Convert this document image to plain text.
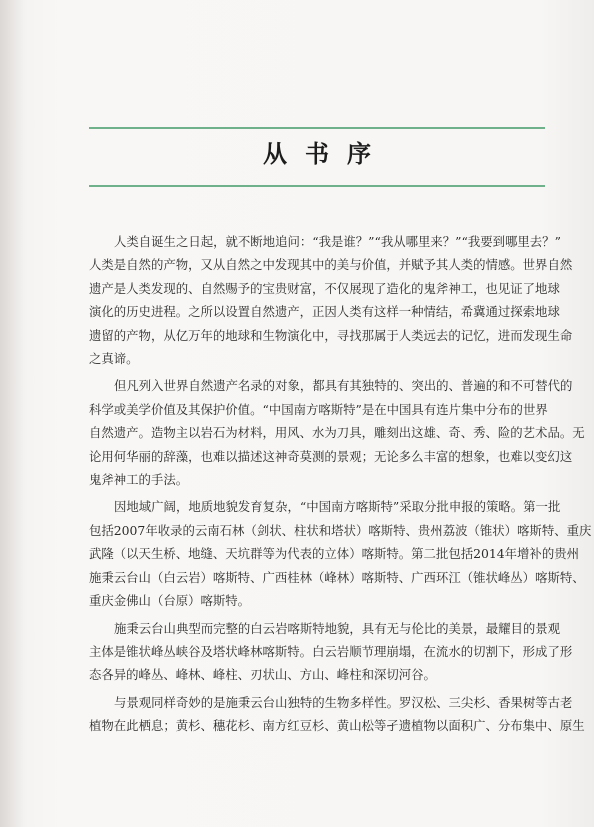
从书序
人类自诞生之日起，就不断地追问：“我是谁？”“我从哪里来？”“我要到哪里去？”
人类是自然的产物，又从自然之中发现其中的美与价值，并赋予其人类的情感。世界自然
遗产是人类发现的、自然赐予的宝贵财富，不仅展现了造化的鬼斧神工，也见证了地球
演化的历史进程。之所以设置自然遗产，正因人类有这样一种情结，希冀通过探索地球
遗留的产物，从亿万年的地球和生物演化中，寻找那属于人类远去的记忆，进而发现生命
之真谛。
但凡列入世界自然遗产名录的对象，都具有其独特的、突出的、普遍的和不可替代的
科学或美学价值及其保护价值。“中国南方喀斯特”是在中国具有连片集中分布的世界
自然遗产。造物主以岩石为材料，用风、水为刀具，雕刻出这雄、奇、秀、险的艺术品。无
论用何华丽的辞藻，也难以描述这神奇莫测的景观；无论多么丰富的想象，也难以变幻这
鬼斧神工的手法。
因地域广阔，地质地貌发育复杂，“中国南方喀斯特”采取分批申报的策略。第一批
包括2007年收录的云南石林（剑状、柱状和塔状）喀斯特、贵州荔波（锥状）喀斯特、重庆
武隆（以天生桥、地缝、天坑群等为代表的立体）喀斯特。第二批包括2014年增补的贵州
施秉云台山（白云岩）喀斯特、广西桂林（峰林）喀斯特、广西环江（锥状峰丛）喀斯特、
重庆金佛山（台原）喀斯特。
施秉云台山典型而完整的白云岩喀斯特地貌，具有无与伦比的美景，最耀目的景观
主体是锥状峰丛峡谷及塔状峰林喀斯特。白云岩顺节理崩塌，在流水的切割下，形成了形
态各异的峰丛、峰林、峰柱、刃状山、方山、峰柱和深切河谷。
与景观同样奇妙的是施秉云台山独特的生物多样性。罗汉松、三尖杉、香果树等古老
植物在此栖息；黄杉、穗花杉、南方红豆杉、黄山松等孑遗植物以面积广、分布集中、原生
